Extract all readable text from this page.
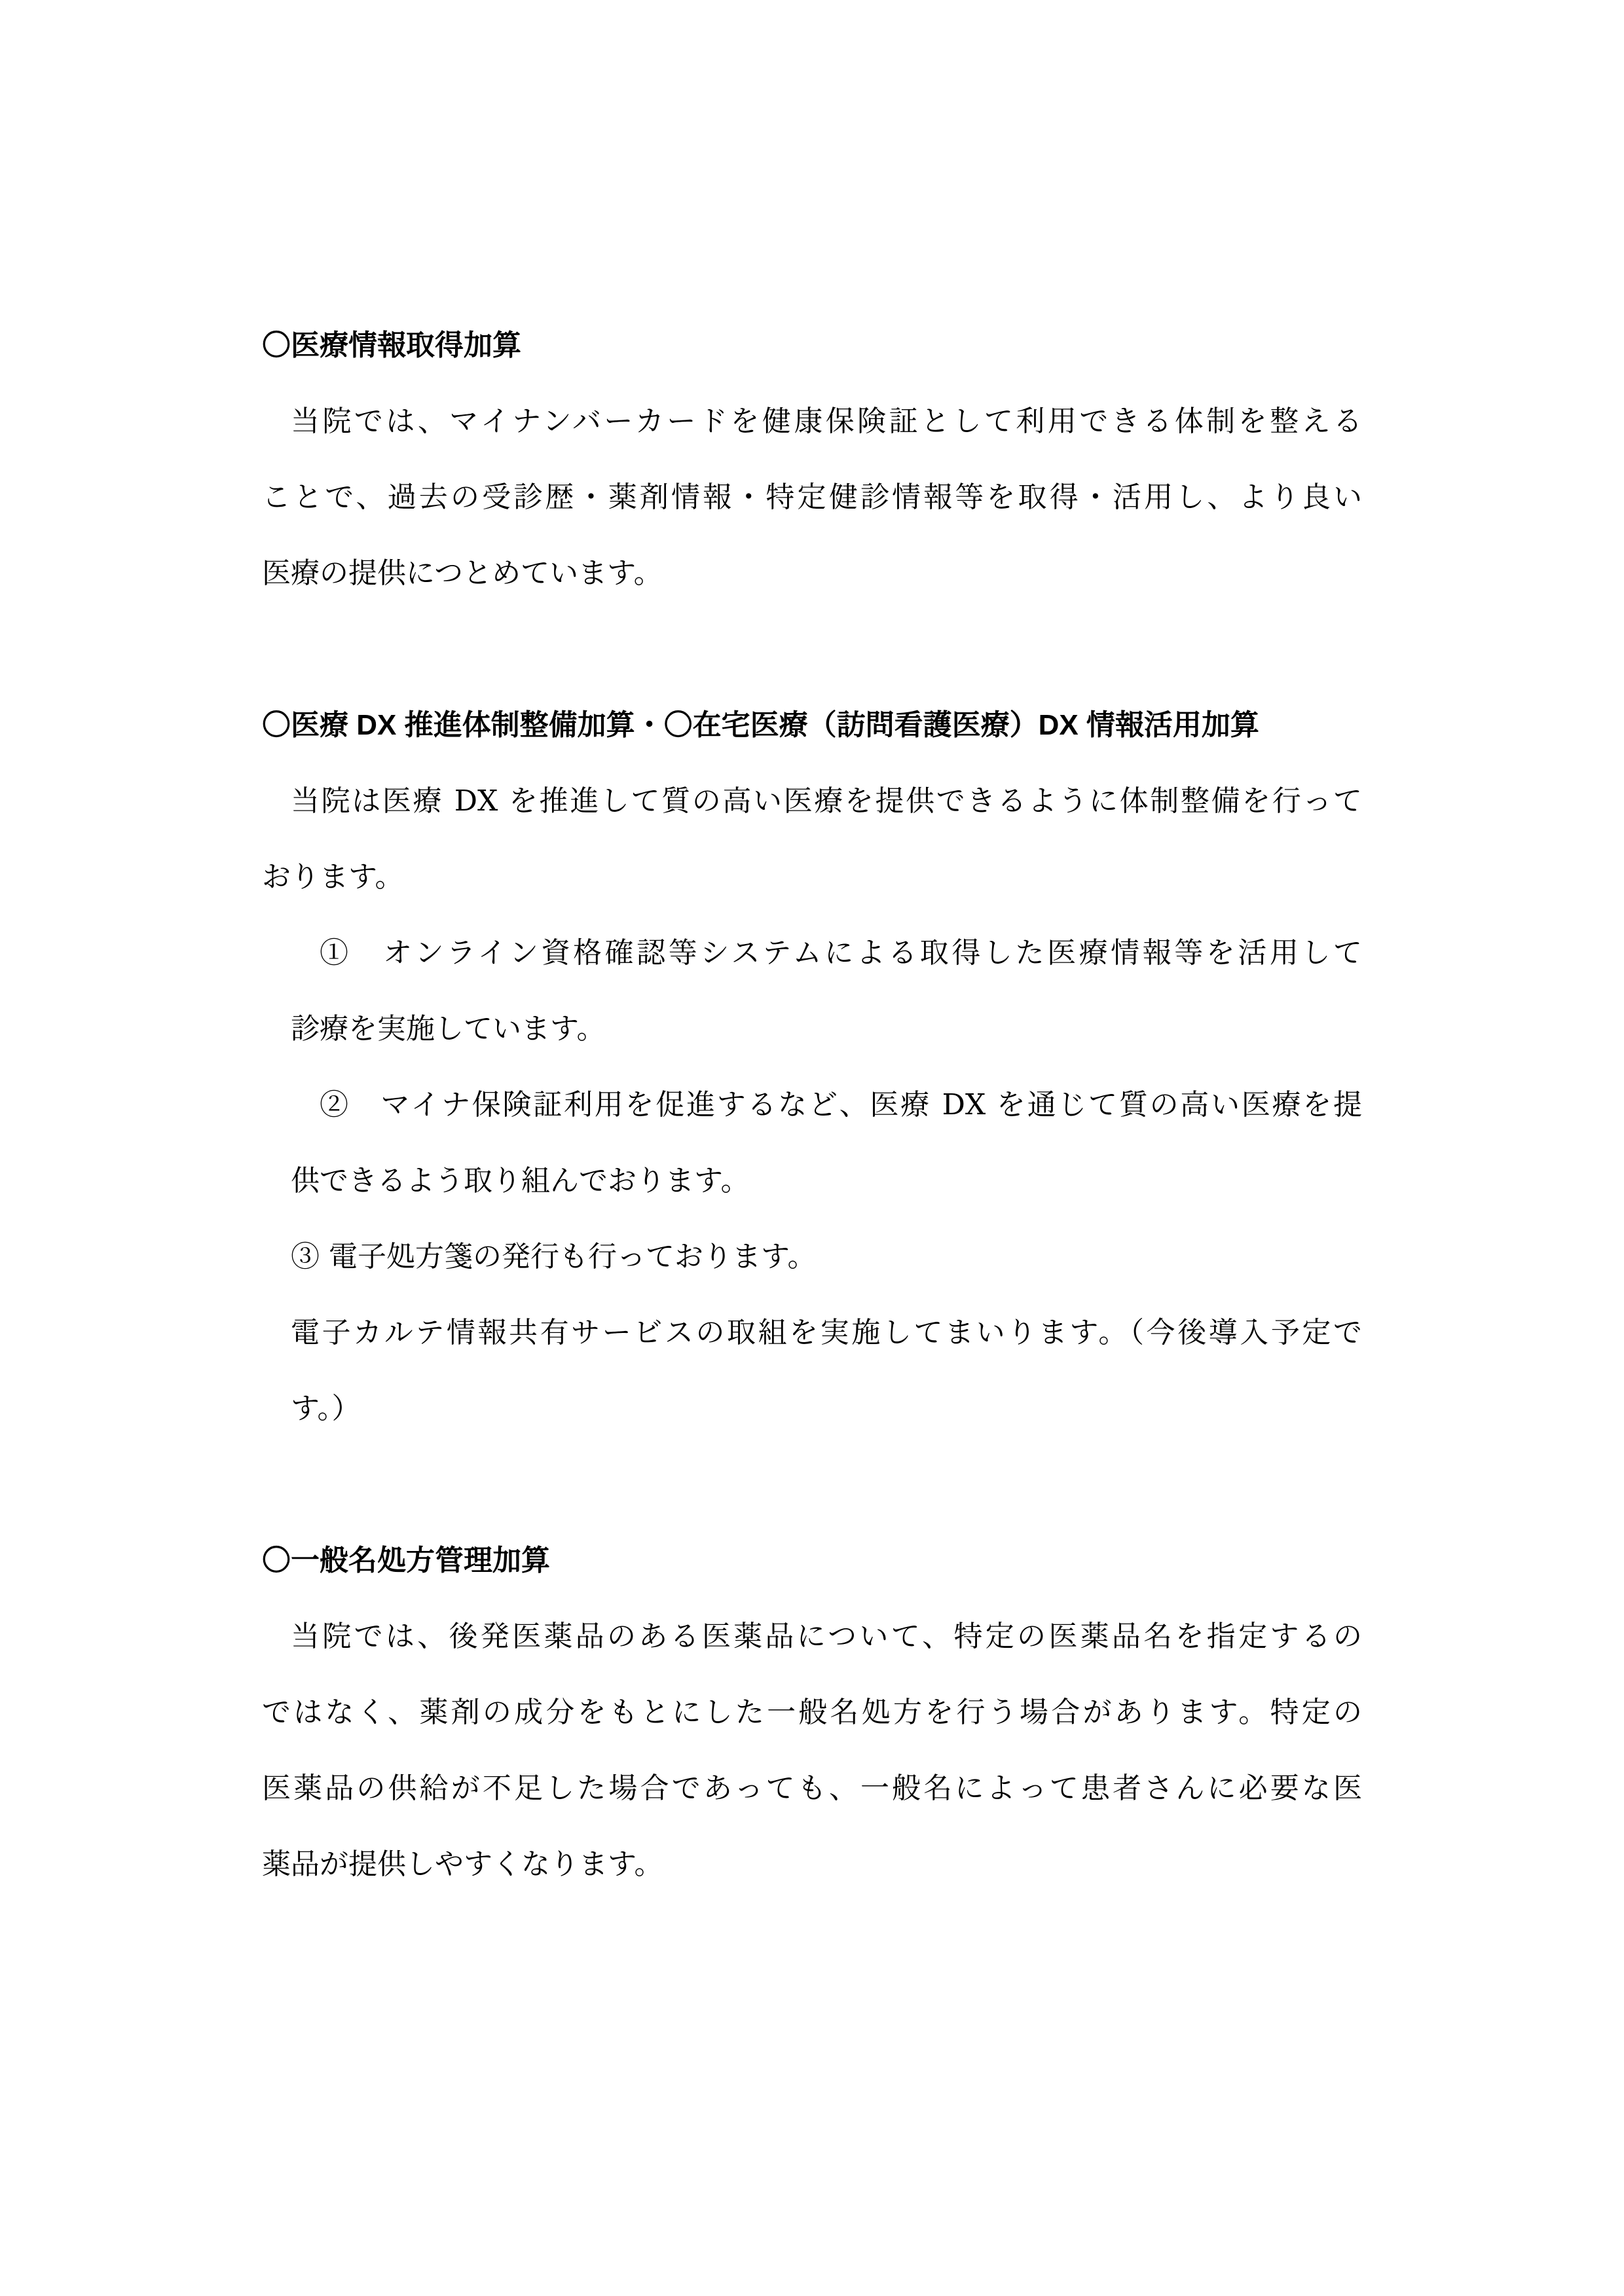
〇医療情報取得加算
当院では、マイナンバーカードを健康保険証として利用できる体制を整える
ことで、過去の受診歴・薬剤情報・特定健診情報等を取得・活用し、より良い
医療の提供につとめています。
〇医療 DX 推進体制整備加算・〇在宅医療（訪問看護医療）DX 情報活用加算
当院は医療 DX を推進して質の高い医療を提供できるように体制整備を行って
おります。
①　オンライン資格確認等システムによる取得した医療情報等を活用して
診療を実施しています。
②　マイナ保険証利用を促進するなど、医療 DX を通じて質の高い医療を提
供できるよう取り組んでおります。
③ 電子処方箋の発行も行っております。
電子カルテ情報共有サービスの取組を実施してまいります。（今後導入予定で
す。）
〇一般名処方管理加算
当院では、後発医薬品のある医薬品について、特定の医薬品名を指定するの
ではなく、薬剤の成分をもとにした一般名処方を行う場合があります。特定の
医薬品の供給が不足した場合であっても、一般名によって患者さんに必要な医
薬品が提供しやすくなります。
